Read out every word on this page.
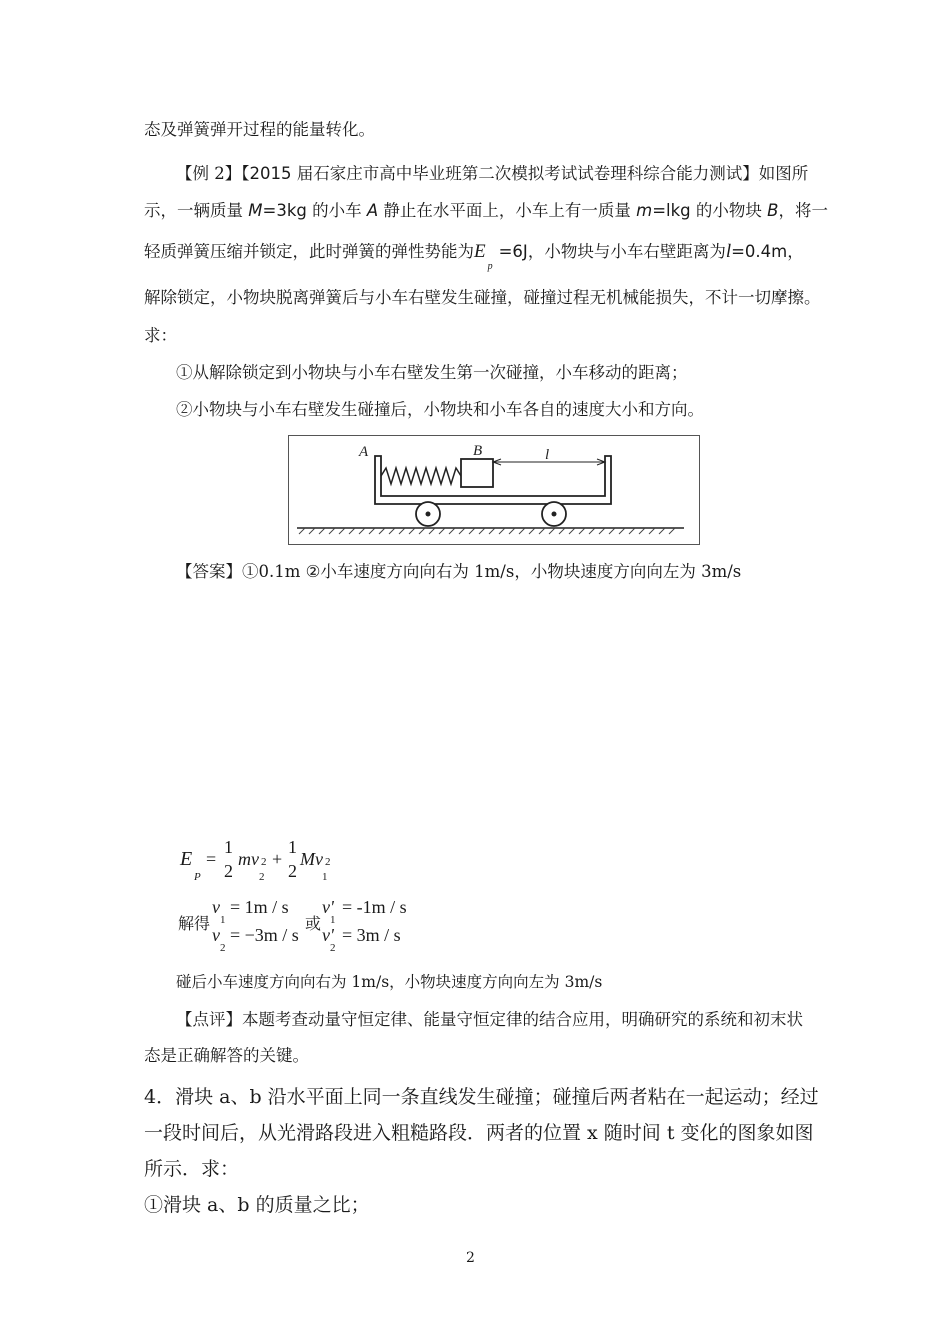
态及弹簧弹开过程的能量转化。
【例 2】【2015 届石家庄市高中毕业班第二次模拟考试试卷理科综合能力测试】如图所
示，一辆质量 M=3kg 的小车 A 静止在水平面上，小车上有一质量 m=lkg 的小物块 B，将一
轻质弹簧压缩并锁定，此时弹簧的弹性势能为$E_p=6J$，小物块与小车右壁距离为l=0.4m，
解除锁定，小物块脱离弹簧后与小车右壁发生碰撞，碰撞过程无机械能损失，不计一切摩擦。
求：
①从解除锁定到小物块与小车右壁发生第一次碰撞，小车移动的距离；
②小物块与小车右壁发生碰撞后，小物块和小车各自的速度大小和方向。
A	B	l
【答案】①0.1m ②小车速度方向向右为 1m/s，小物块速度方向向左为 3m/s
E
P
=
1
2
mv 2
2
+
1
2
Mv 2
1
v
1
= 1m / s
解得
v
2
= −3m / s
或
v'
1
= -1m / s
v'
2
= 3m / s
碰后小车速度方向向右为 1m/s，小物块速度方向向左为 3m/s
【点评】本题考查动量守恒定律、能量守恒定律的结合应用，明确研究的系统和初末状
态是正确解答的关键。
4．滑块 a、b 沿水平面上同一条直线发生碰撞；碰撞后两者粘在一起运动；经过
一段时间后，从光滑路段进入粗糙路段．两者的位置 x 随时间 t 变化的图象如图
所示．求：
①滑块 a、b 的质量之比；
2
